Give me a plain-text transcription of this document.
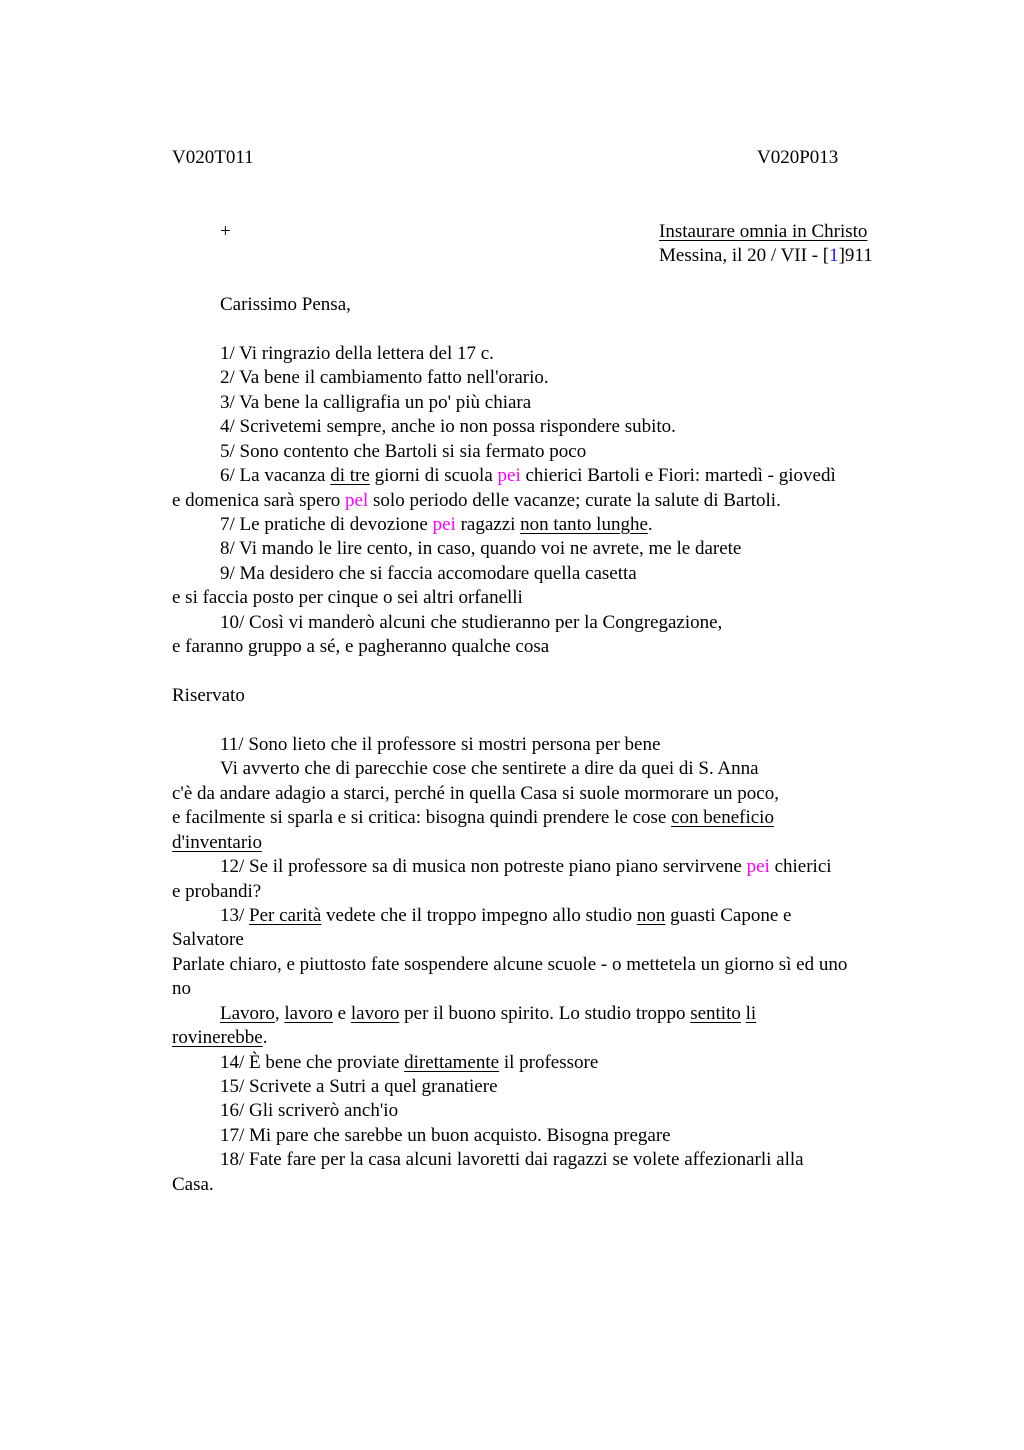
V020T011	V020P013
+	Instaurare omnia in Christo
Messina, il 20 / VII - [1]911
Carissimo Pensa,
1/ Vi ringrazio della lettera del 17 c.
2/ Va bene il cambiamento fatto nell'orario.
3/ Va bene la calligrafia un po' più chiara
4/ Scrivetemi sempre, anche io non possa rispondere subito.
5/ Sono contento che Bartoli si sia fermato poco
6/ La vacanza di tre giorni di scuola pei chierici Bartoli e Fiori: martedì - giovedì
e domenica sarà spero pel solo periodo delle vacanze; curate la salute di Bartoli.
7/ Le pratiche di devozione pei ragazzi non tanto lunghe.
8/ Vi mando le lire cento, in caso, quando voi ne avrete, me le darete
9/ Ma desidero che si faccia accomodare quella casetta
e si faccia posto per cinque o sei altri orfanelli
10/ Così vi manderò alcuni che studieranno per la Congregazione,
e faranno gruppo a sé, e pagheranno qualche cosa
Riservato
11/ Sono lieto che il professore si mostri persona per bene
Vi avverto che di parecchie cose che sentirete a dire da quei di S. Anna
c'è da andare adagio a starci, perché in quella Casa si suole mormorare un poco,
e facilmente si sparla e si critica: bisogna quindi prendere le cose con beneficio
d'inventario
12/ Se il professore sa di musica non potreste piano piano servirvene pei chierici
e probandi?
13/ Per carità vedete che il troppo impegno allo studio non guasti Capone e
Salvatore
Parlate chiaro, e piuttosto fate sospendere alcune scuole - o mettetela un giorno sì ed uno
no
Lavoro, lavoro e lavoro per il buono spirito. Lo studio troppo sentito li
rovinerebbe.
14/ È bene che proviate direttamente il professore
15/ Scrivete a Sutri a quel granatiere
16/ Gli scriverò anch'io
17/ Mi pare che sarebbe un buon acquisto. Bisogna pregare
18/ Fate fare per la casa alcuni lavoretti dai ragazzi se volete affezionarli alla
Casa.
